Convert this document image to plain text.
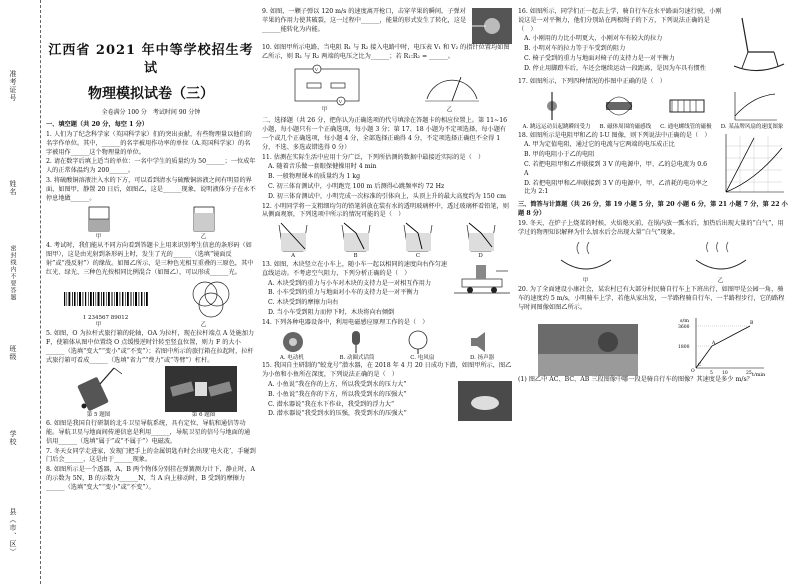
准考证号
姓名
密封线内不要答题
班级
学校
县（市、区）
江西省 2021 年中等学校招生考试
物理模拟试卷（三）
全卷满分 100 分　考试时间 90 分钟
一、填空题（共 20 分，每空 1 分）

1. 人们为了纪念科学家（英国科学家）们的突出贡献，有些物理量以他们的名字作单位。其中，______的名字被用作功率的单位（A.英国科学家）的名字被用作______这个物理量的单位。

2. 请在数字后填上适当的单位：一名中学生的质量约为 50______；一位成年人的正常体温约为 200______。

3. 将硫酸铜溶液注入水的下方，可以看到清水与硫酸铜溶液之间有明显的界面，如图甲，静置 20 日后，如图乙，这是______现象，说明液体分子在永不停息地做______。

甲	乙

4. 考试时，我们能从不同方向看到答题卡上用来识别考生信息的条形码（如图甲），这是由光射到条形码上时，发生了光的______（选填“镜面反射”或“漫反射”）的缘故。如图乙所示，是三种色光相互重叠的三原色，其中红光、绿光、三种色光按相同比例混合（如图乙），可以形成______光。

1 234567 89012
甲	乙

5. 如图，O 为拉杆式旅行箱的轮轴，OA 为拉杆，现在拉杆端点 A 处施加力 F，使箱体从图中位置绕 O 点缓慢逆时针转至竖直位置，则力 F 的大小______（选填“变大”“变小”或“不变”）；若图中所示的旅行箱在拉起时，拉杆式旅行箱可看成______（选填“省力”“费力”或“等臂”）杠杆。

第 5 题图	第 6 题图

6. 如图是我国自行研制的北斗卫星导航系统，具有定位、导航和通信等功能。导航卫星与地面间传递信息是利用______，导航卫星的信号与地面的通信用______（选填“属于”或“不属于”）电磁波。

7. 冬天女同学走进家，发现门把手上的金属钥匙有时会出现‘电火花’，手碰到门后会______，这是由于______现象。

8. 如图所示是一个透器，A、B 两个物体分别挂在弹簧测力计下，静止时，A 的示数为 5N，B 的示数为______N，当 A 向上移动时，B 受到的摩擦力______（选填“变大”“变小”或“不变”）。

9. 如图，一颗子弹以 120 m/s 的速度离开枪口，击穿苹果的瞬间，子弹对苹果的作用力使其破裂，这一过程中______，能量的形式发生了转化，这是______能转化为内能。

10. 如图甲所示电路，当电阻 R₁ 与 R₂ 接入电路中时，电压表 V₁ 和 V₂ 的指针位置均如图乙所示，则 R₁ 与 R₂ 两端的电压之比为______；若 R₁:R₂ = ______。

V
V
甲	乙
二、选择题（共 26 分，把你认为正确选项的代号填涂在答题卡的相应位置上。第 11~16 小题，每小题只有一个正确选项，每小题 3 分；第 17、18 小题为不定项选择，每小题有一个或几个正确选项，每小题 4 分，全部选择正确得 4 分，不定项选择正确但不全得 1 分，不选、多选或错选得 0 分）

11. 估测在实际生活中应用十分广泛，下列所估测的数据中最接近实际的是（　）

A. 随着音乐做一套眼保健操用时 4 min

B. 一般物理课本的质量约为 1 kg

C. 初三体育测试中，小明跑完 100 m 后测得心跳频率约 72 Hz

D. 初三体育测试中，小明完成一次标准的引体向上，头顶上升的最大高度约为 150 cm

12. 小明同学将一支粗细均匀的铅笔斜放在装有水的透明玻璃杯中，透过玻璃杯看铅笔，则从侧面观察，下列选项中所示的情况可能的是（　）

A	B	C	D

13. 如图，木块竖立在小车上，随小车一起以相同的速度向右作匀速直线运动。不考虑空气阻力，下列分析正确的是（　）

A. 木块受到的重力与小车对木块的支持力是一对相互作用力

B. 小车受到的重力与地面对小车的支持力是一对平衡力

C. 木块受到的摩擦力向右

D. 当小车受到阻力而停下时，木块将向右倾倒

14. 下列各种电器设备中，利用电磁感应原理工作的是（　）

A. 电动机	B. 动圈式话筒	C. 电风扇	D. 扬声器

15. 我国自主研制的“蛟龙号”潜水器，在 2018 年 4 月 20 日成功下潜，如图甲所示，图乙为小鱼和小鱼所在深度，下列说法正确的是（　）

A. 小鱼说“我在你的上方，所以我受到水的压力大”

B. 小鱼说“我在你的下方，所以我受到水的压强大”

C. 潜水器说“我在水下作业，我受到的浮力大”

D. 潜水器说“我受到水的压强，我受到水的压强大”

16. 如图所示，同学们正一起去上学，骑自行车在水平路面匀速行驶，小刚说这是一对平衡力，他们分别站在两根绳子的下方，下列说法正确的是（　）

A. 小刚用的力比小明更大，小刚对车有较大的拉力

B. 小明对车的拉力等于车受到的阻力

C. 椅子受到的重力与地面对椅子的支持力是一对平衡力

D. 停止用脚蹬车后，车还会继续运动一段距离，是因为车具有惯性

17. 如图所示，下列四种情况的作图中正确的是（　）

A. 跳远运动员起跳瞬间受力 B. 磁体周围的磁感线 C. 通电螺线管的磁极 D. 某品牌风扇的速度图象

18. 如图所示是电阻甲和乙的 I-U 图像，则下列说法中正确的是（　）

A. 甲为定值电阻，通过它的电流与它两端的电压成正比

B. 甲的电阻小于乙的电阻

C. 若把电阻甲和乙并联接到 3 V 的电源中，甲、乙的总电流为 0.6 A

D. 若把电阻甲和乙串联接到 3 V 的电源中，甲、乙消耗的电功率之比为 2:1

三、简答与计算题（共 26 分，第 19 小题 5 分，第 20 小题 6 分，第 21 小题 7 分，第 22 小题 8 分）

19. 冬天，在炉子上烧菜的时候，火焰熄灭前，在锅内放一瓢水后，加热后出现大量的“白气”，用学过的物理知识解释为什么加水后会出现大量“白气”现象。

甲	乙

20. 为了全面建设小康社会，某农村已有大部分村民骑自行车上下班出行，如图甲是公园一角，骑车的速度约 5 m/s，小明骑车上学，若他从家出发，一半路程骑自行车，一半路程步行，它的路程与时间图像如图乙所示。

s/m
t/min
3600
1800
O
A
B
C
5 10	25

(1) 图乙中 AC、BC、AB 三段图像中哪一段是骑自行车的图像？其速度是多少 m/s？
